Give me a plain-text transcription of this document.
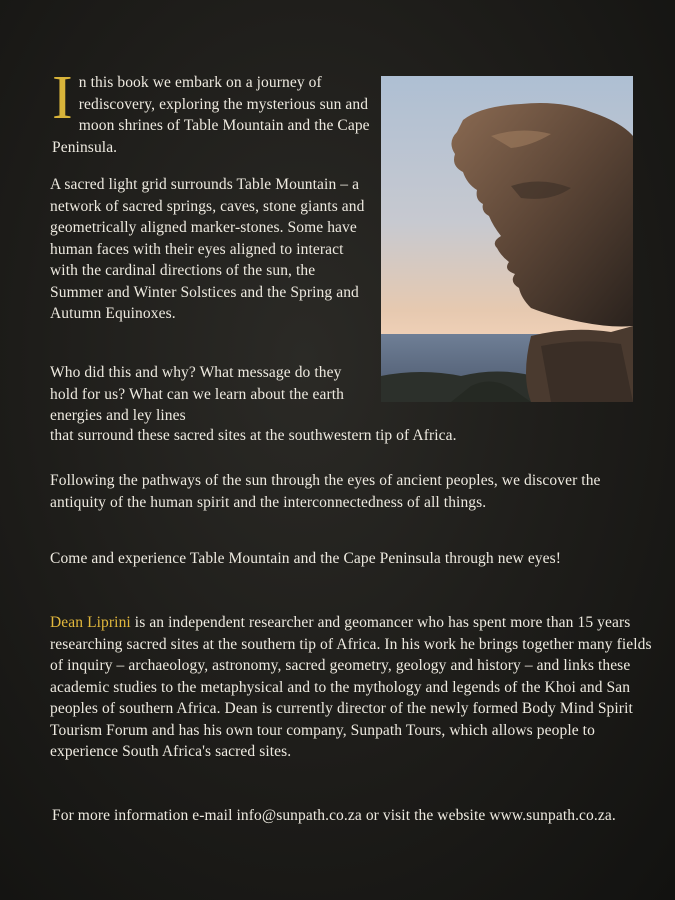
In this book we embark on a journey of rediscovery, exploring the mysterious sun and moon shrines of Table Mountain and the Cape Peninsula.
A sacred light grid surrounds Table Mountain – a network of sacred springs, caves, stone giants and geometrically aligned marker-stones. Some have human faces with their eyes aligned to interact with the cardinal directions of the sun, the Summer and Winter Solstices and the Spring and Autumn Equinoxes.
Who did this and why? What message do they hold for us? What can we learn about the earth energies and ley lines
that surround these sacred sites at the southwestern tip of Africa.
Following the pathways of the sun through the eyes of ancient peoples, we discover the antiquity of the human spirit and the interconnectedness of all things.
Come and experience Table Mountain and the Cape Peninsula through new eyes!
Dean Liprini is an independent researcher and geomancer who has spent more than 15 years researching sacred sites at the southern tip of Africa. In his work he brings together many fields of inquiry – archaeology, astronomy, sacred geometry, geology and history – and links these academic studies to the metaphysical and to the mythology and legends of the Khoi and San peoples of southern Africa. Dean is currently director of the newly formed Body Mind Spirit Tourism Forum and has his own tour company, Sunpath Tours, which allows people to experience South Africa's sacred sites.
For more information e-mail info@sunpath.co.za or visit the website www.sunpath.co.za.
